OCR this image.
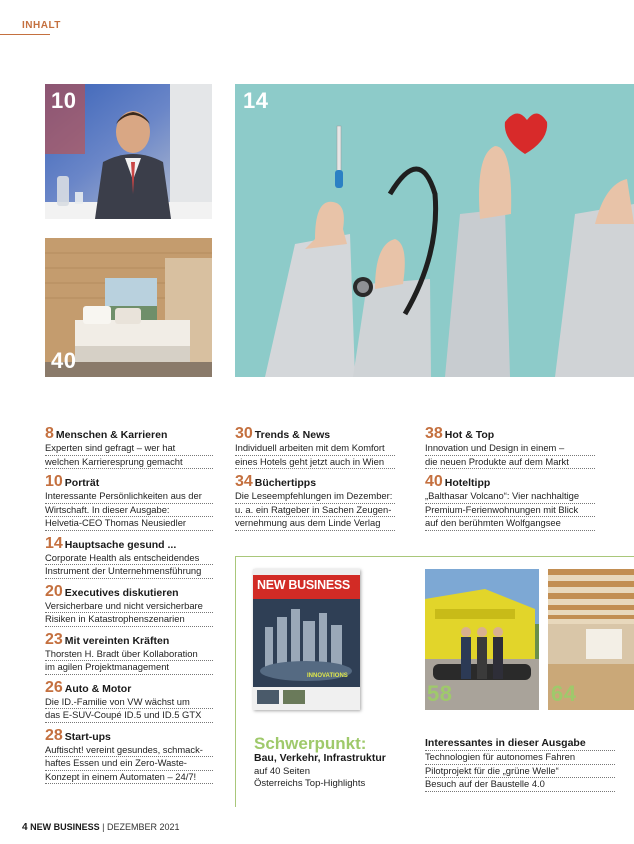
INHALT
10
40
14
8 Menschen & Karrieren
Experten sind gefragt – wer hat
welchen Karrieresprung gemacht
10 Porträt
Interessante Persönlichkeiten aus der
Wirtschaft. In dieser Ausgabe:
Helvetia-CEO Thomas Neusiedler
14 Hauptsache gesund ...
Corporate Health als entscheidendes
Instrument der Unternehmensführung
20 Executives diskutieren
Versicherbare und nicht versicherbare
Risiken in Katastrophenszenarien
23 Mit vereinten Kräften
Thorsten H. Bradt über Kollaboration
im agilen Projektmanagement
26 Auto & Motor
Die ID.-Familie von VW wächst um
das E-SUV-Coupé ID.5 und ID.5 GTX
28 Start-ups
Auftischt! vereint gesundes, schmack-
haftes Essen und ein Zero-Waste-
Konzept in einem Automaten – 24/7!
30 Trends & News
Individuell arbeiten mit dem Komfort
eines Hotels geht jetzt auch in Wien
34 Büchertipps
Die Leseempfehlungen im Dezember:
u. a. ein Ratgeber in Sachen Zeugen-
vernehmung aus dem Linde Verlag
38 Hot & Top
Innovation und Design in einem –
die neuen Produkte auf dem Markt
40 Hoteltipp
„Balthasar Volcano“: Vier nachhaltige
Premium-Ferienwohnungen mit Blick
auf den berühmten Wolfgangsee
NEW BUSINESS
INNOVATIONS
58	64
Schwerpunkt:
Bau, Verkehr, Infrastruktur
auf 40 Seiten
Österreichs Top-Highlights
Interessantes in dieser Ausgabe
Technologien für autonomes Fahren
Pilotprojekt für die „grüne Welle“
Besuch auf der Baustelle 4.0
4 NEW BUSINESS | DEZEMBER 2021
